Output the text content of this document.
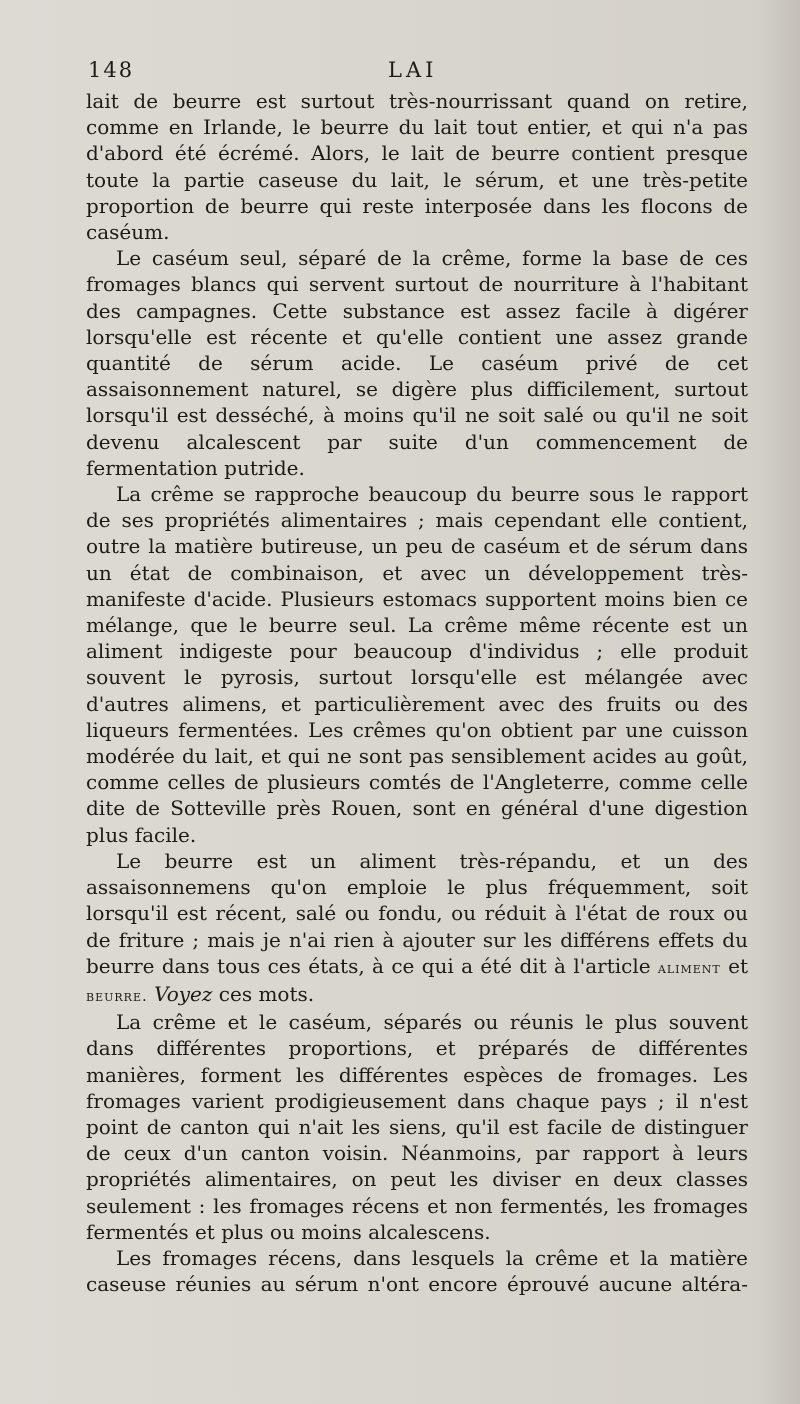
148	LAI

lait de beurre est surtout très-nourrissant quand on retire, comme en Irlande, le beurre du lait tout entier, et qui n'a pas d'abord été écrémé. Alors, le lait de beurre contient presque toute la partie caseuse du lait, le sérum, et une très-petite proportion de beurre qui reste interposée dans les flocons de caséum.

Le caséum seul, séparé de la crême, forme la base de ces fromages blancs qui servent surtout de nourriture à l'habitant des campagnes. Cette substance est assez facile à digérer lorsqu'elle est récente et qu'elle contient une assez grande quantité de sérum acide. Le caséum privé de cet assaisonnement naturel, se digère plus difficilement, surtout lorsqu'il est desséché, à moins qu'il ne soit salé ou qu'il ne soit devenu alcalescent par suite d'un commencement de fermentation putride.

La crême se rapproche beaucoup du beurre sous le rapport de ses propriétés alimentaires ; mais cependant elle contient, outre la matière butireuse, un peu de caséum et de sérum dans un état de combinaison, et avec un développement très-manifeste d'acide. Plusieurs estomacs supportent moins bien ce mélange, que le beurre seul. La crême même récente est un aliment indigeste pour beaucoup d'individus ; elle produit souvent le pyrosis, surtout lorsqu'elle est mélangée avec d'autres alimens, et particulièrement avec des fruits ou des liqueurs fermentées. Les crêmes qu'on obtient par une cuisson modérée du lait, et qui ne sont pas sensiblement acides au goût, comme celles de plusieurs comtés de l'Angleterre, comme celle dite de Sotteville près Rouen, sont en général d'une digestion plus facile.

Le beurre est un aliment très-répandu, et un des assaisonnemens qu'on emploie le plus fréquemment, soit lorsqu'il est récent, salé ou fondu, ou réduit à l'état de roux ou de friture ; mais je n'ai rien à ajouter sur les différens effets du beurre dans tous ces états, à ce qui a été dit à l'article aliment et beurre. Voyez ces mots.

La crême et le caséum, séparés ou réunis le plus souvent dans différentes proportions, et préparés de différentes manières, forment les différentes espèces de fromages. Les fromages varient prodigieusement dans chaque pays ; il n'est point de canton qui n'ait les siens, qu'il est facile de distinguer de ceux d'un canton voisin. Néanmoins, par rapport à leurs propriétés alimentaires, on peut les diviser en deux classes seulement : les fromages récens et non fermentés, les fromages fermentés et plus ou moins alcalescens.

Les fromages récens, dans lesquels la crême et la matière caseuse réunies au sérum n'ont encore éprouvé aucune altéra-
